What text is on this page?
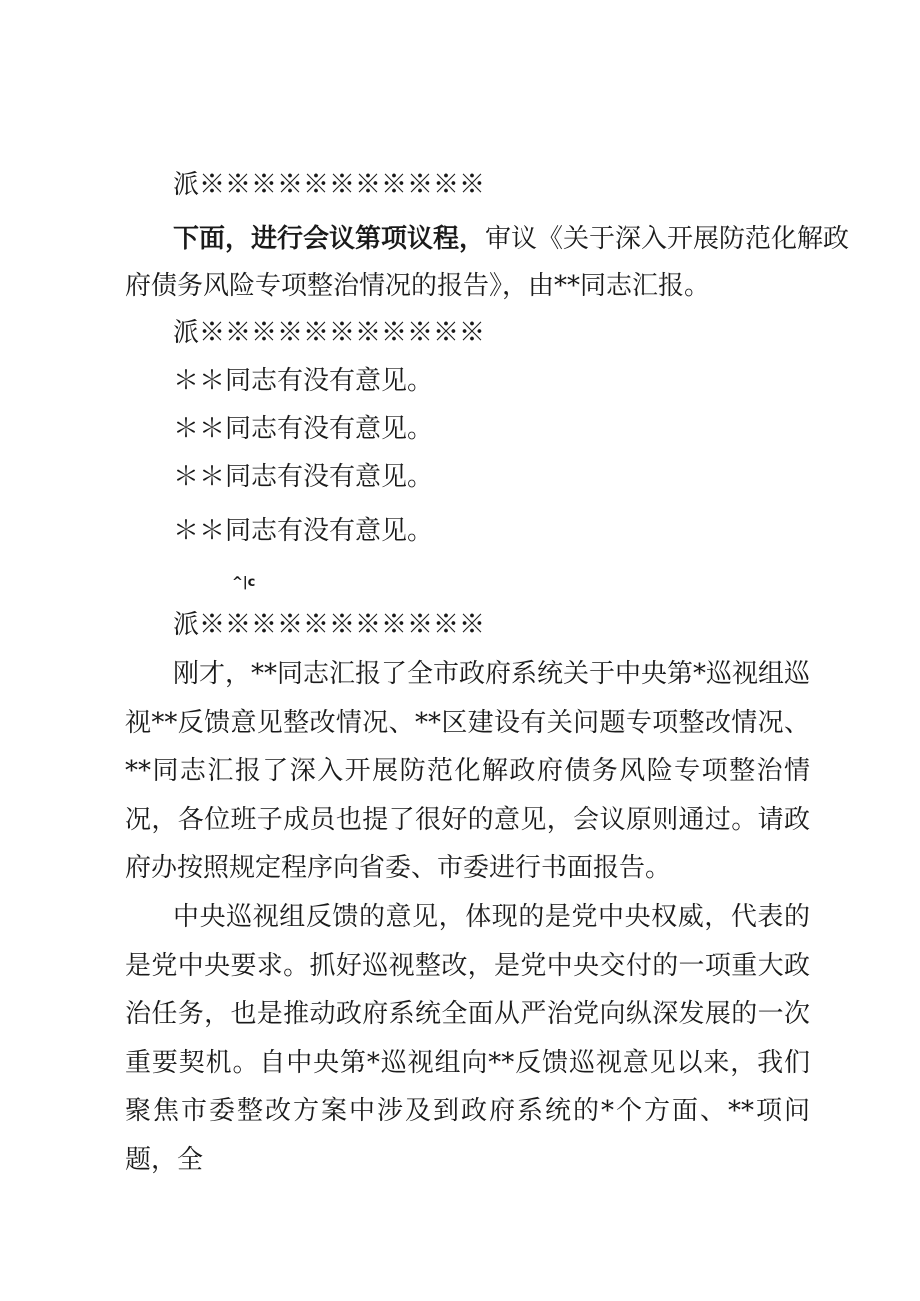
派※※※※※※※※※※※
下面，进行会议第项议程，审议《关于深入开展防范化解政
府债务风险专项整治情况的报告》，由**同志汇报。
派※※※※※※※※※※※
＊＊同志有没有意见。
＊＊同志有没有意见。
＊＊同志有没有意见。
＊＊同志有没有意见。
^|c
派※※※※※※※※※※※
刚才，**同志汇报了全市政府系统关于中央第*巡视组巡视**反馈意见整改情况、**区建设有关问题专项整改情况、**同志汇报了深入开展防范化解政府债务风险专项整治情况，各位班子成员也提了很好的意见，会议原则通过。请政府办按照规定程序向省委、市委进行书面报告。
中央巡视组反馈的意见，体现的是党中央权威，代表的是党中央要求。抓好巡视整改，是党中央交付的一项重大政治任务，也是推动政府系统全面从严治党向纵深发展的一次重要契机。自中央第*巡视组向**反馈巡视意见以来，我们聚焦市委整改方案中涉及到政府系统的*个方面、**项问题，全
